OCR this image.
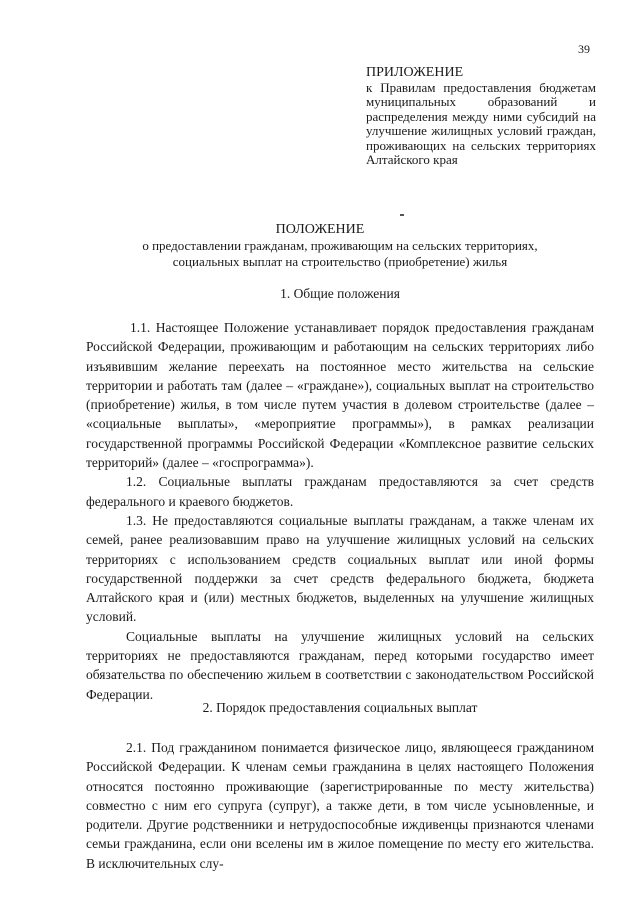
39
ПРИЛОЖЕНИЕ
к Правилам предоставления бюджетам муниципальных образований и распределения между ними субсидий на улучшение жилищных условий граждан, проживающих на сельских территориях Алтайского края
ПОЛОЖЕНИЕ
о предоставлении гражданам, проживающим на сельских территориях,
социальных выплат на строительство (приобретение) жилья
1. Общие положения

1.1. Настоящее Положение устанавливает порядок предоставления гражданам Российской Федерации, проживающим и работающим на сельских территориях либо изъявившим желание переехать на постоянное место жительства на сельские территории и работать там (далее – «граждане»), социальных выплат на строительство (приобретение) жилья, в том числе путем участия в долевом строительстве (далее – «социальные выплаты», «мероприятие программы»), в рамках реализации государственной программы Российской Федерации «Комплексное развитие сельских территорий» (далее – «госпрограмма»).

1.2. Социальные выплаты гражданам предоставляются за счет средств федерального и краевого бюджетов.

1.3. Не предоставляются социальные выплаты гражданам, а также членам их семей, ранее реализовавшим право на улучшение жилищных условий на сельских территориях с использованием средств социальных выплат или иной формы государственной поддержки за счет средств федерального бюджета, бюджета Алтайского края и (или) местных бюджетов, выделенных на улучшение жилищных условий.

Социальные выплаты на улучшение жилищных условий на сельских территориях не предоставляются гражданам, перед которыми государство имеет обязательства по обеспечению жильем в соответствии с законодательством Российской Федерации.

2. Порядок предоставления социальных выплат

2.1. Под гражданином понимается физическое лицо, являющееся гражданином Российской Федерации. К членам семьи гражданина в целях настоящего Положения относятся постоянно проживающие (зарегистрированные по месту жительства) совместно с ним его супруга (супруг), а также дети, в том числе усыновленные, и родители. Другие родственники и нетрудоспособные иждивенцы признаются членами семьи гражданина, если они вселены им в жилое помещение по месту его жительства. В исключительных слу-
